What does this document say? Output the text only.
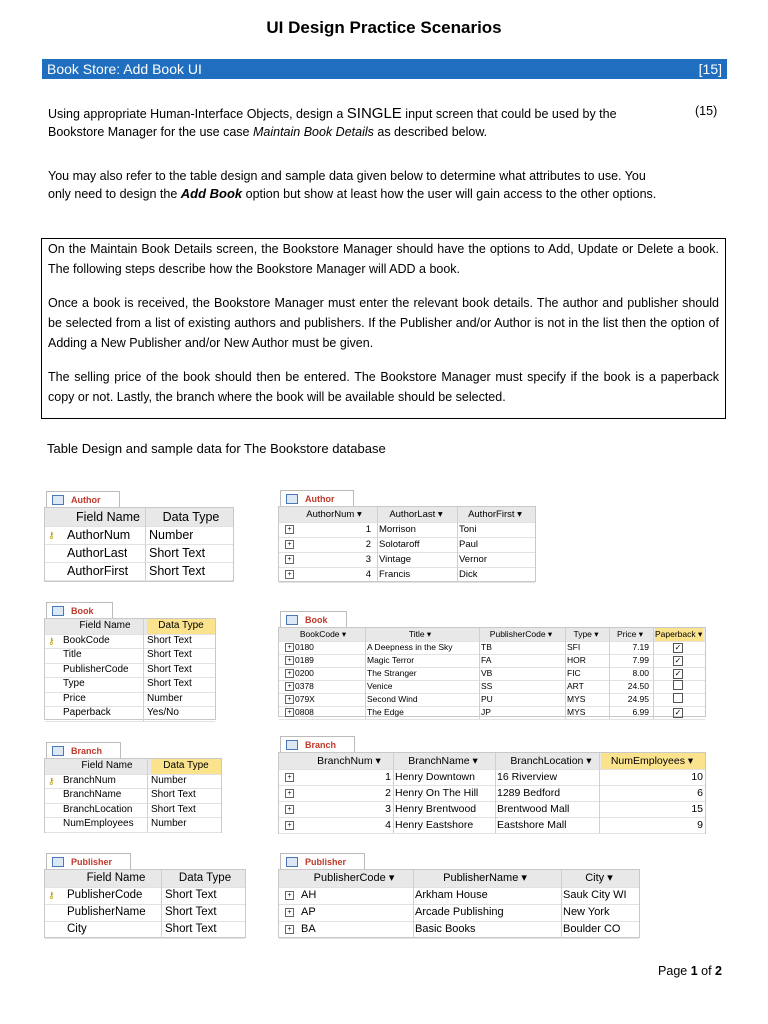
UI Design Practice Scenarios
Book Store: Add Book UI	[15]
Using appropriate Human-Interface Objects, design a SINGLE input screen that could be used by the Bookstore Manager for the use case Maintain Book Details as described below.
(15)
You may also refer to the table design and sample data given below to determine what attributes to use. You only need to design the Add Book option but show at least how the user will gain access to the other options.

On the Maintain Book Details screen, the Bookstore Manager should have the options to Add, Update or Delete a book. The following steps describe how the Bookstore Manager will ADD a book.

Once a book is received, the Bookstore Manager must enter the relevant book details. The author and publisher should be selected from a list of existing authors and publishers. If the Publisher and/or Author is not in the list then the option of Adding a New Publisher and/or New Author must be given.

The selling price of the book should then be entered. The Bookstore Manager must specify if the book is a paperback copy or not. Lastly, the branch where the book will be available should be selected.

Table Design and sample data for The Bookstore database
Author
Field Name	Data Type
⚷ AuthorNum Number
AuthorLast Short Text
AuthorFirst Short Text
Book
Field Name	Data Type
⚷ BookCode	Short Text
Title	Short Text
PublisherCode Short Text
Type	Short Text
Price	Number
Paperback	Yes/No
Branch
Field Name	Data Type
⚷ BranchNum	Number
BranchName	Short Text
BranchLocation Short Text
NumEmployees Number
Publisher
Field Name	Data Type
⚷ PublisherCode Short Text
PublisherName Short Text
City	Short Text
Author
AuthorNum ▾	AuthorLast ▾	AuthorFirst ▾
+	1 Morrison	Toni
+	2 Solotaroff	Paul
+	3 Vintage	Vernor
+	4 Francis	Dick
Book
BookCode ▾	Title ▾	PublisherCode ▾	Type ▾	Price ▾	Paperback ▾
+ 0180	A Deepness in the Sky	TB	SFI	7.19	✓
+ 0189	Magic Terror	FA	HOR	7.99	✓
+ 0200	The Stranger	VB	FIC	8.00	✓
+ 0378	Venice	SS	ART	24.50
+ 079X	Second Wind	PU	MYS	24.95
+ 0808	The Edge	JP	MYS	6.99	✓
Branch
BranchNum ▾	BranchName ▾	BranchLocation ▾	NumEmployees ▾
+	1 Henry Downtown	16 Riverview	10
+	2 Henry On The Hill	1289 Bedford	6
+	3 Henry Brentwood	Brentwood Mall	15
+	4 Henry Eastshore	Eastshore Mall	9
Publisher
PublisherCode ▾	PublisherName ▾	City ▾
+ AH	Arkham House	Sauk City WI
+ AP	Arcade Publishing	New York
+ BA	Basic Books	Boulder CO
Page 1 of 2
